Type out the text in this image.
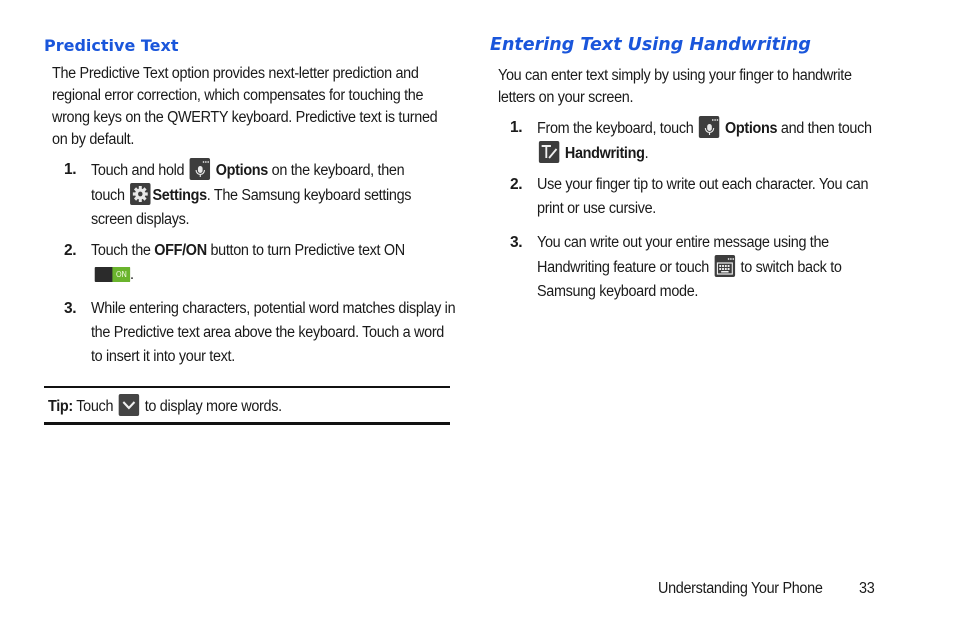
Predictive Text

The Predictive Text option provides next-letter prediction and regional error correction, which compensates for touching the wrong keys on the QWERTY keyboard. Predictive text is turned on by default.

1. Touch and hold Options on the keyboard, then touch Settings. The Samsung keyboard settings screen displays.
2. Touch the OFF/ON button to turn Predictive text ON
ON .
3. While entering characters, potential word matches display in the Predictive text area above the keyboard. Touch a word to insert it into your text.
Tip: Touch to display more words.
Entering Text Using Handwriting

You can enter text simply by using your finger to handwrite letters on your screen.

1. From the keyboard, touch Options and then touch
Handwriting.
2. Use your finger tip to write out each character. You can print or use cursive.
3. You can write out your entire message using the Handwriting feature or touch to switch back to Samsung keyboard mode.
Understanding Your Phone 33
